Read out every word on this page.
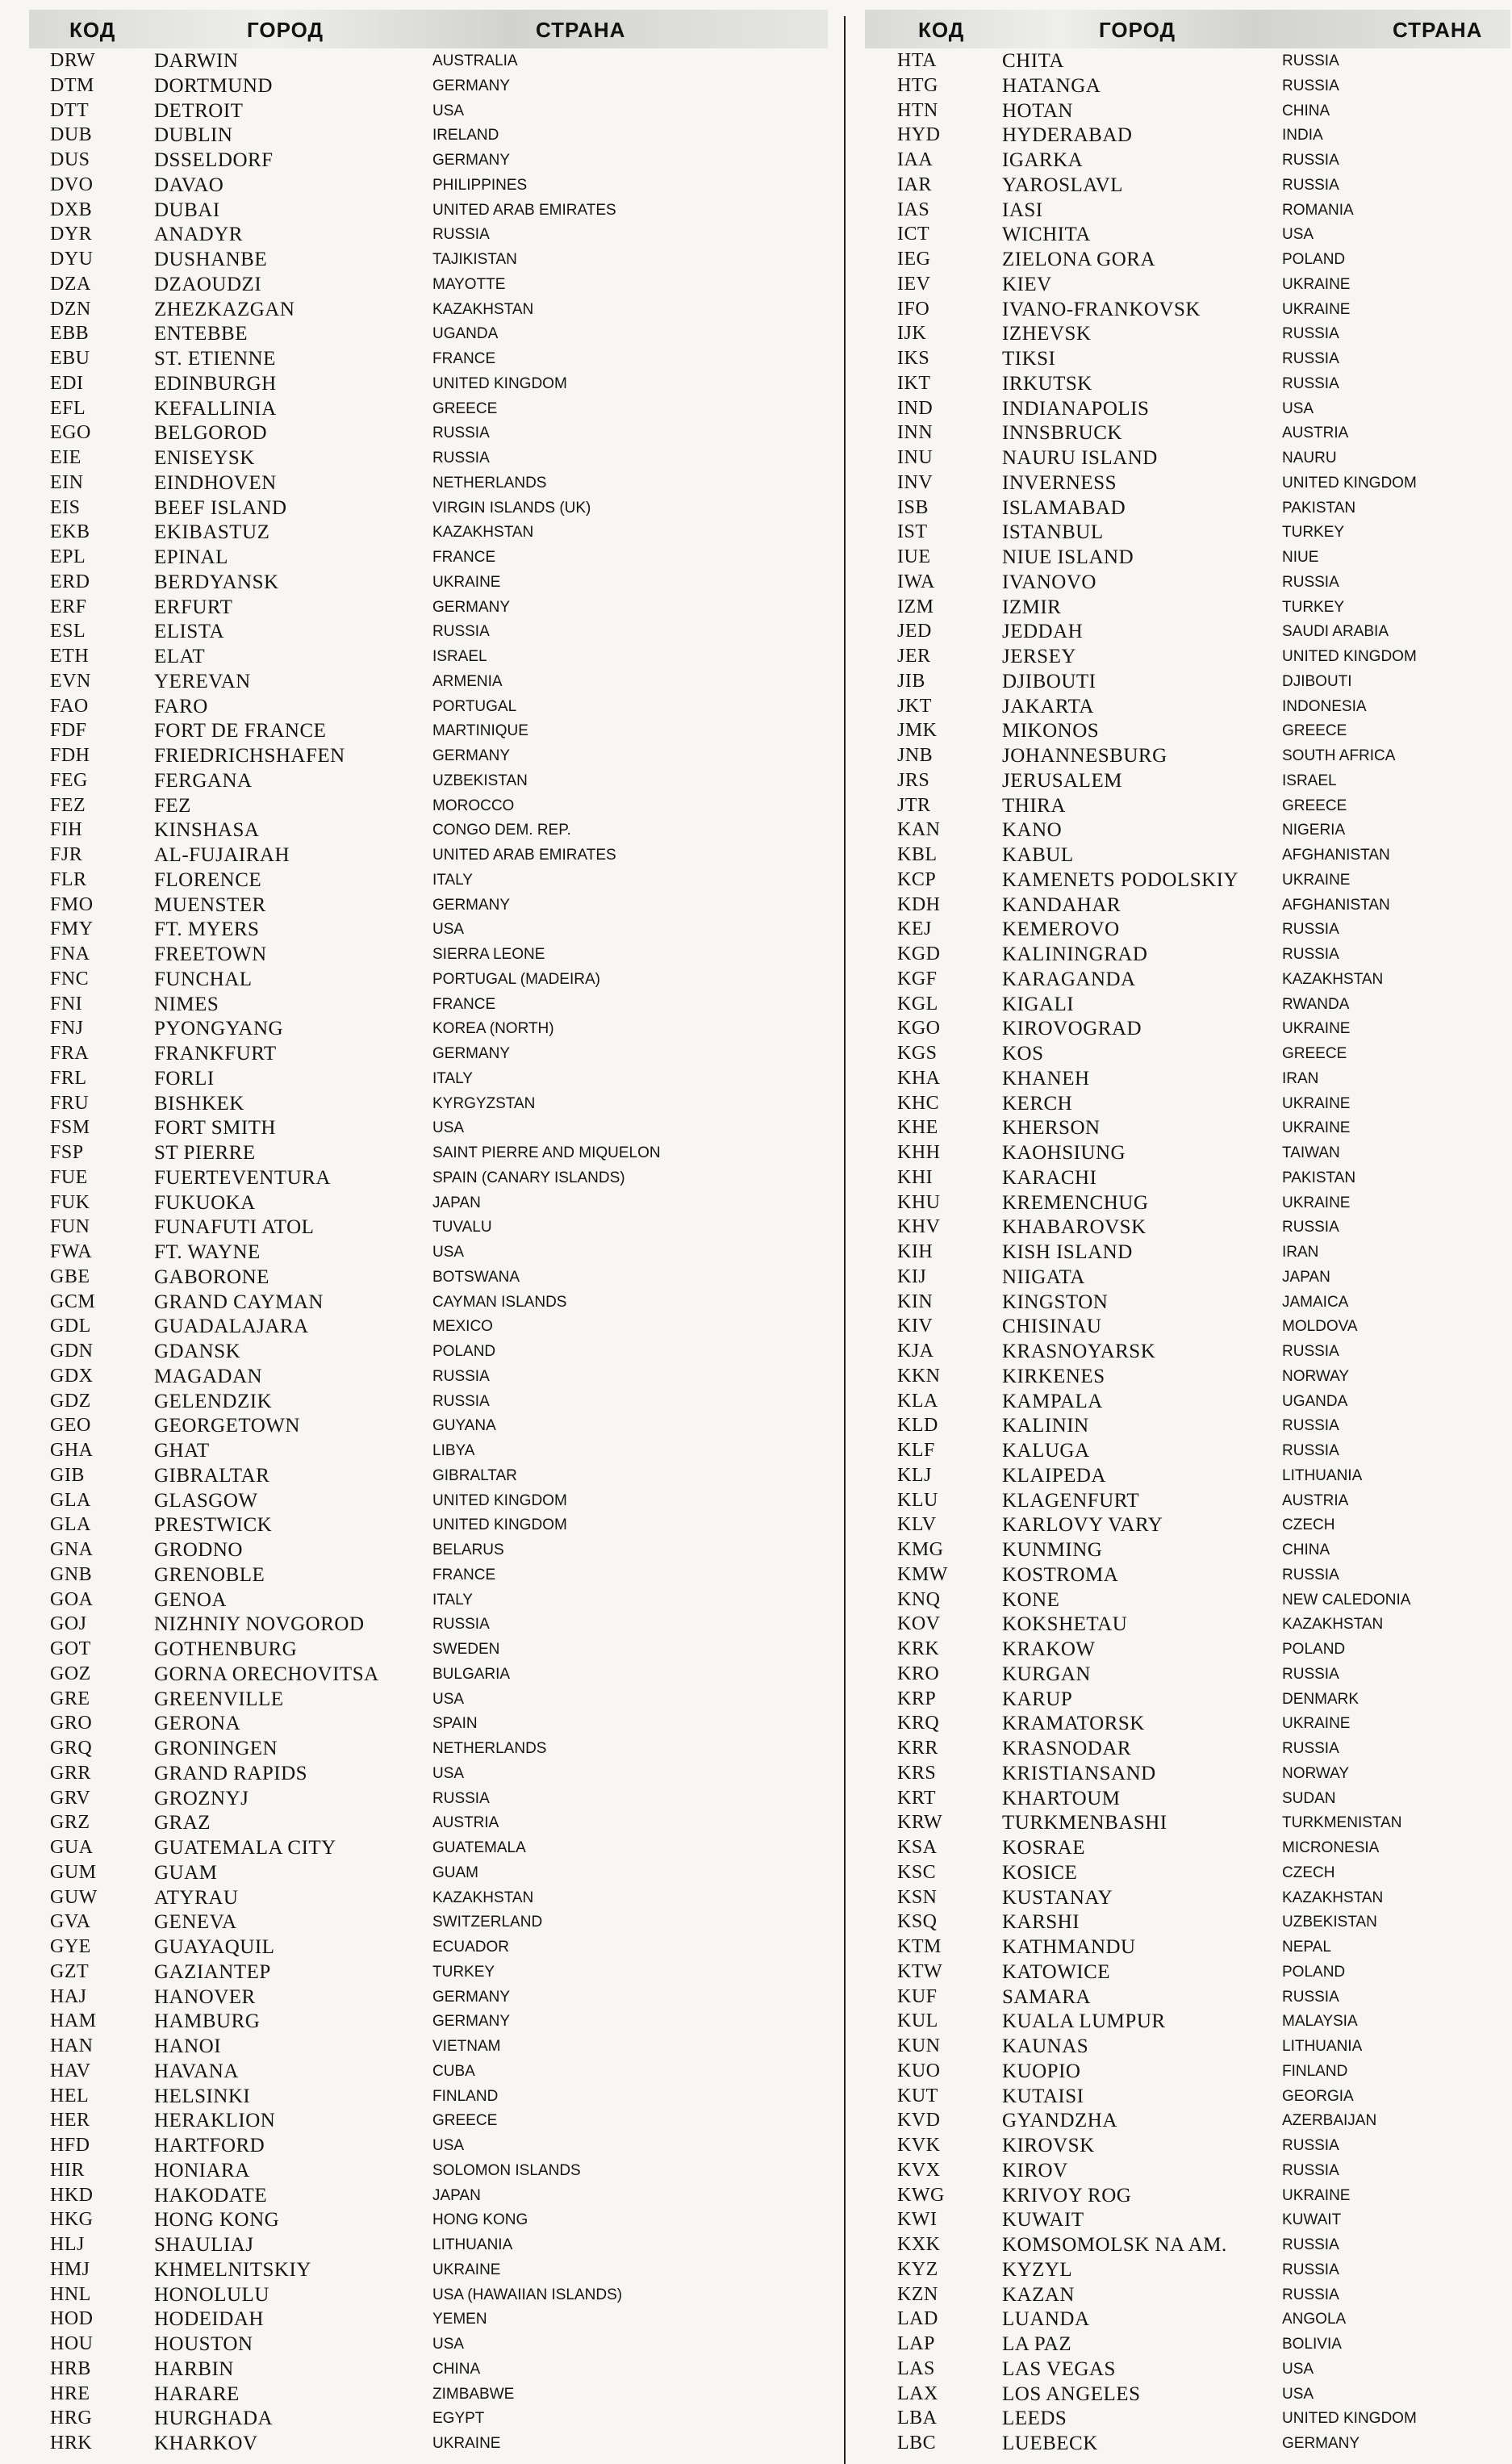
КОД	ГОРОД	СТРАНА
DRW	DARWIN	AUSTRALIA
DTM	DORTMUND	GERMANY
DTT	DETROIT	USA
DUB	DUBLIN	IRELAND
DUS	DSSELDORF	GERMANY
DVO	DAVAO	PHILIPPINES
DXB	DUBAI	UNITED ARAB EMIRATES
DYR	ANADYR	RUSSIA
DYU	DUSHANBE	TAJIKISTAN
DZA	DZAOUDZI	MAYOTTE
DZN	ZHEZKAZGAN	KAZAKHSTAN
EBB	ENTEBBE	UGANDA
EBU	ST. ETIENNE	FRANCE
EDI	EDINBURGH	UNITED KINGDOM
EFL	KEFALLINIA	GREECE
EGO	BELGOROD	RUSSIA
EIE	ENISEYSK	RUSSIA
EIN	EINDHOVEN	NETHERLANDS
EIS	BEEF ISLAND	VIRGIN ISLANDS (UK)
EKB	EKIBASTUZ	KAZAKHSTAN
EPL	EPINAL	FRANCE
ERD	BERDYANSK	UKRAINE
ERF	ERFURT	GERMANY
ESL	ELISTA	RUSSIA
ETH	ELAT	ISRAEL
EVN	YEREVAN	ARMENIA
FAO	FARO	PORTUGAL
FDF	FORT DE FRANCE	MARTINIQUE
FDH	FRIEDRICHSHAFEN	GERMANY
FEG	FERGANA	UZBEKISTAN
FEZ	FEZ	MOROCCO
FIH	KINSHASA	CONGO DEM. REP.
FJR	AL-FUJAIRAH	UNITED ARAB EMIRATES
FLR	FLORENCE	ITALY
FMO	MUENSTER	GERMANY
FMY	FT. MYERS	USA
FNA	FREETOWN	SIERRA LEONE
FNC	FUNCHAL	PORTUGAL (MADEIRA)
FNI	NIMES	FRANCE
FNJ	PYONGYANG	KOREA (NORTH)
FRA	FRANKFURT	GERMANY
FRL	FORLI	ITALY
FRU	BISHKEK	KYRGYZSTAN
FSM	FORT SMITH	USA
FSP	ST PIERRE	SAINT PIERRE AND MIQUELON
FUE	FUERTEVENTURA	SPAIN (CANARY ISLANDS)
FUK	FUKUOKA	JAPAN
FUN	FUNAFUTI ATOL	TUVALU
FWA	FT. WAYNE	USA
GBE	GABORONE	BOTSWANA
GCM	GRAND CAYMAN	CAYMAN ISLANDS
GDL	GUADALAJARA	MEXICO
GDN	GDANSK	POLAND
GDX	MAGADAN	RUSSIA
GDZ	GELENDZIK	RUSSIA
GEO	GEORGETOWN	GUYANA
GHA	GHAT	LIBYA
GIB	GIBRALTAR	GIBRALTAR
GLA	GLASGOW	UNITED KINGDOM
GLA	PRESTWICK	UNITED KINGDOM
GNA	GRODNO	BELARUS
GNB	GRENOBLE	FRANCE
GOA	GENOA	ITALY
GOJ	NIZHNIY NOVGOROD	RUSSIA
GOT	GOTHENBURG	SWEDEN
GOZ	GORNA ORECHOVITSA	BULGARIA
GRE	GREENVILLE	USA
GRO	GERONA	SPAIN
GRQ	GRONINGEN	NETHERLANDS
GRR	GRAND RAPIDS	USA
GRV	GROZNYJ	RUSSIA
GRZ	GRAZ	AUSTRIA
GUA	GUATEMALA CITY	GUATEMALA
GUM	GUAM	GUAM
GUW	ATYRAU	KAZAKHSTAN
GVA	GENEVA	SWITZERLAND
GYE	GUAYAQUIL	ECUADOR
GZT	GAZIANTEP	TURKEY
HAJ	HANOVER	GERMANY
HAM	HAMBURG	GERMANY
HAN	HANOI	VIETNAM
HAV	HAVANA	CUBA
HEL	HELSINKI	FINLAND
HER	HERAKLION	GREECE
HFD	HARTFORD	USA
HIR	HONIARA	SOLOMON ISLANDS
HKD	HAKODATE	JAPAN
HKG	HONG KONG	HONG KONG
HLJ	SHAULIAJ	LITHUANIA
HMJ	KHMELNITSKIY	UKRAINE
HNL	HONOLULU	USA (HAWAIIAN ISLANDS)
HOD	HODEIDAH	YEMEN
HOU	HOUSTON	USA
HRB	HARBIN	CHINA
HRE	HARARE	ZIMBABWE
HRG	HURGHADA	EGYPT
HRK	KHARKOV	UKRAINE
КОД	ГОРОД	СТРАНА
HTA	CHITA	RUSSIA
HTG	HATANGA	RUSSIA
HTN	HOTAN	CHINA
HYD	HYDERABAD	INDIA
IAA	IGARKA	RUSSIA
IAR	YAROSLAVL	RUSSIA
IAS	IASI	ROMANIA
ICT	WICHITA	USA
IEG	ZIELONA GORA	POLAND
IEV	KIEV	UKRAINE
IFO	IVANO-FRANKOVSK	UKRAINE
IJK	IZHEVSK	RUSSIA
IKS	TIKSI	RUSSIA
IKT	IRKUTSK	RUSSIA
IND	INDIANAPOLIS	USA
INN	INNSBRUCK	AUSTRIA
INU	NAURU ISLAND	NAURU
INV	INVERNESS	UNITED KINGDOM
ISB	ISLAMABAD	PAKISTAN
IST	ISTANBUL	TURKEY
IUE	NIUE ISLAND	NIUE
IWA	IVANOVO	RUSSIA
IZM	IZMIR	TURKEY
JED	JEDDAH	SAUDI ARABIA
JER	JERSEY	UNITED KINGDOM
JIB	DJIBOUTI	DJIBOUTI
JKT	JAKARTA	INDONESIA
JMK	MIKONOS	GREECE
JNB	JOHANNESBURG	SOUTH AFRICA
JRS	JERUSALEM	ISRAEL
JTR	THIRA	GREECE
KAN	KANO	NIGERIA
KBL	KABUL	AFGHANISTAN
KCP	KAMENETS PODOLSKIY	UKRAINE
KDH	KANDAHAR	AFGHANISTAN
KEJ	KEMEROVO	RUSSIA
KGD	KALININGRAD	RUSSIA
KGF	KARAGANDA	KAZAKHSTAN
KGL	KIGALI	RWANDA
KGO	KIROVOGRAD	UKRAINE
KGS	KOS	GREECE
KHA	KHANEH	IRAN
KHC	KERCH	UKRAINE
KHE	KHERSON	UKRAINE
KHH	KAOHSIUNG	TAIWAN
KHI	KARACHI	PAKISTAN
KHU	KREMENCHUG	UKRAINE
KHV	KHABAROVSK	RUSSIA
KIH	KISH ISLAND	IRAN
KIJ	NIIGATA	JAPAN
KIN	KINGSTON	JAMAICA
KIV	CHISINAU	MOLDOVA
KJA	KRASNOYARSK	RUSSIA
KKN	KIRKENES	NORWAY
KLA	KAMPALA	UGANDA
KLD	KALININ	RUSSIA
KLF	KALUGA	RUSSIA
KLJ	KLAIPEDA	LITHUANIA
KLU	KLAGENFURT	AUSTRIA
KLV	KARLOVY VARY	CZECH
KMG	KUNMING	CHINA
KMW	KOSTROMA	RUSSIA
KNQ	KONE	NEW CALEDONIA
KOV	KOKSHETAU	KAZAKHSTAN
KRK	KRAKOW	POLAND
KRO	KURGAN	RUSSIA
KRP	KARUP	DENMARK
KRQ	KRAMATORSK	UKRAINE
KRR	KRASNODAR	RUSSIA
KRS	KRISTIANSAND	NORWAY
KRT	KHARTOUM	SUDAN
KRW	TURKMENBASHI	TURKMENISTAN
KSA	KOSRAE	MICRONESIA
KSC	KOSICE	CZECH
KSN	KUSTANAY	KAZAKHSTAN
KSQ	KARSHI	UZBEKISTAN
KTM	KATHMANDU	NEPAL
KTW	KATOWICE	POLAND
KUF	SAMARA	RUSSIA
KUL	KUALA LUMPUR	MALAYSIA
KUN	KAUNAS	LITHUANIA
KUO	KUOPIO	FINLAND
KUT	KUTAISI	GEORGIA
KVD	GYANDZHA	AZERBAIJAN
KVK	KIROVSK	RUSSIA
KVX	KIROV	RUSSIA
KWG	KRIVOY ROG	UKRAINE
KWI	KUWAIT	KUWAIT
KXK	KOMSOMOLSK NA AM.	RUSSIA
KYZ	KYZYL	RUSSIA
KZN	KAZAN	RUSSIA
LAD	LUANDA	ANGOLA
LAP	LA PAZ	BOLIVIA
LAS	LAS VEGAS	USA
LAX	LOS ANGELES	USA
LBA	LEEDS	UNITED KINGDOM
LBC	LUEBECK	GERMANY
